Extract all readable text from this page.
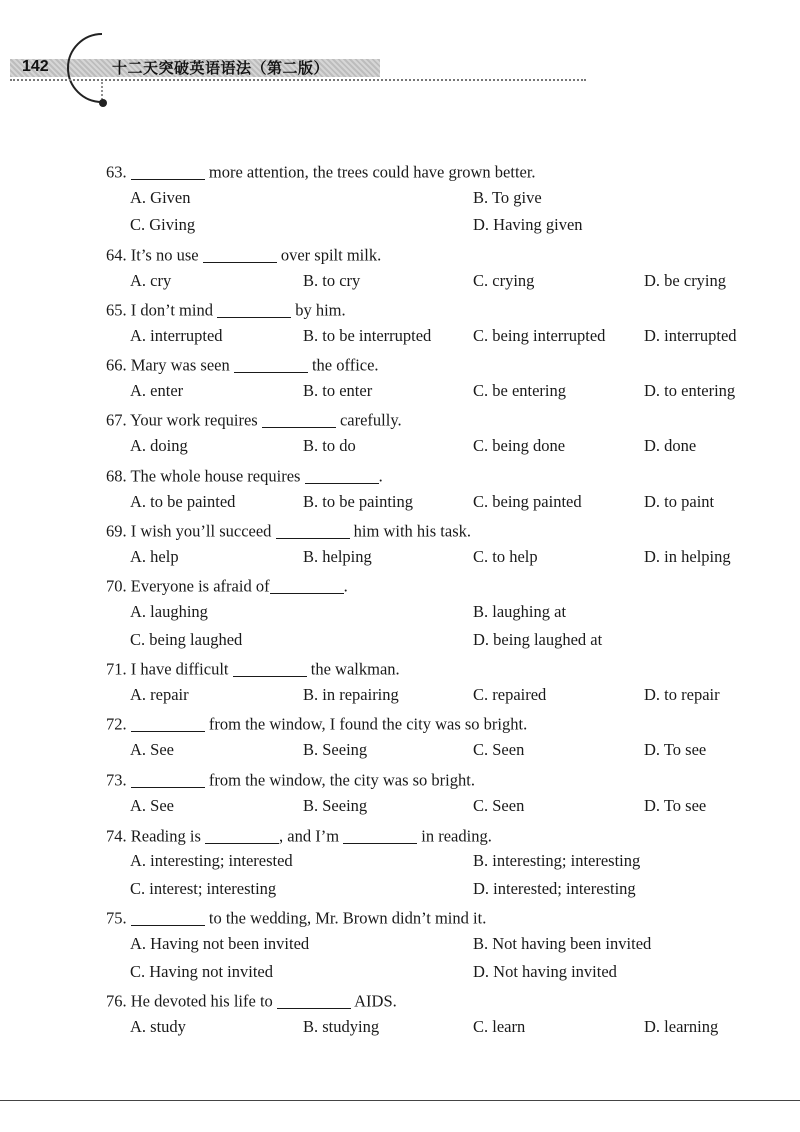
142	十二天突破英语语法（第二版）
63.	more attention, the trees could have grown better.
A. Given	B. To give
C. Giving	D. Having given
64. It’s no use	over spilt milk.
A. cry	B. to cry	C. crying	D. be crying
65. I don’t mind	by him.
A. interrupted	B. to be interrupted	C. being interrupted D. interrupted
66. Mary was seen	the office.
A. enter	B. to enter	C. be entering	D. to entering
67. Your work requires	carefully.
A. doing	B. to do	C. being done	D. done
68. The whole house requires	.
A. to be painted	B. to be painting	C. being painted	D. to paint
69. I wish you’ll succeed	him with his task.
A. help	B. helping	C. to help	D. in helping
70. Everyone is afraid of	.
A. laughing	B. laughing at
C. being laughed	D. being laughed at
71. I have difficult	the walkman.
A. repair	B. in repairing	C. repaired	D. to repair
72.	from the window, I found the city was so bright.
A. See	B. Seeing	C. Seen	D. To see
73.	from the window, the city was so bright.
A. See	B. Seeing	C. Seen	D. To see
74. Reading is	, and I’m	in reading.
A. interesting; interested	B. interesting; interesting
C. interest; interesting	D. interested; interesting
75.	to the wedding, Mr. Brown didn’t mind it.
A. Having not been invited	B. Not having been invited
C. Having not invited	D. Not having invited
76. He devoted his life to	AIDS.
A. study	B. studying	C. learn	D. learning
